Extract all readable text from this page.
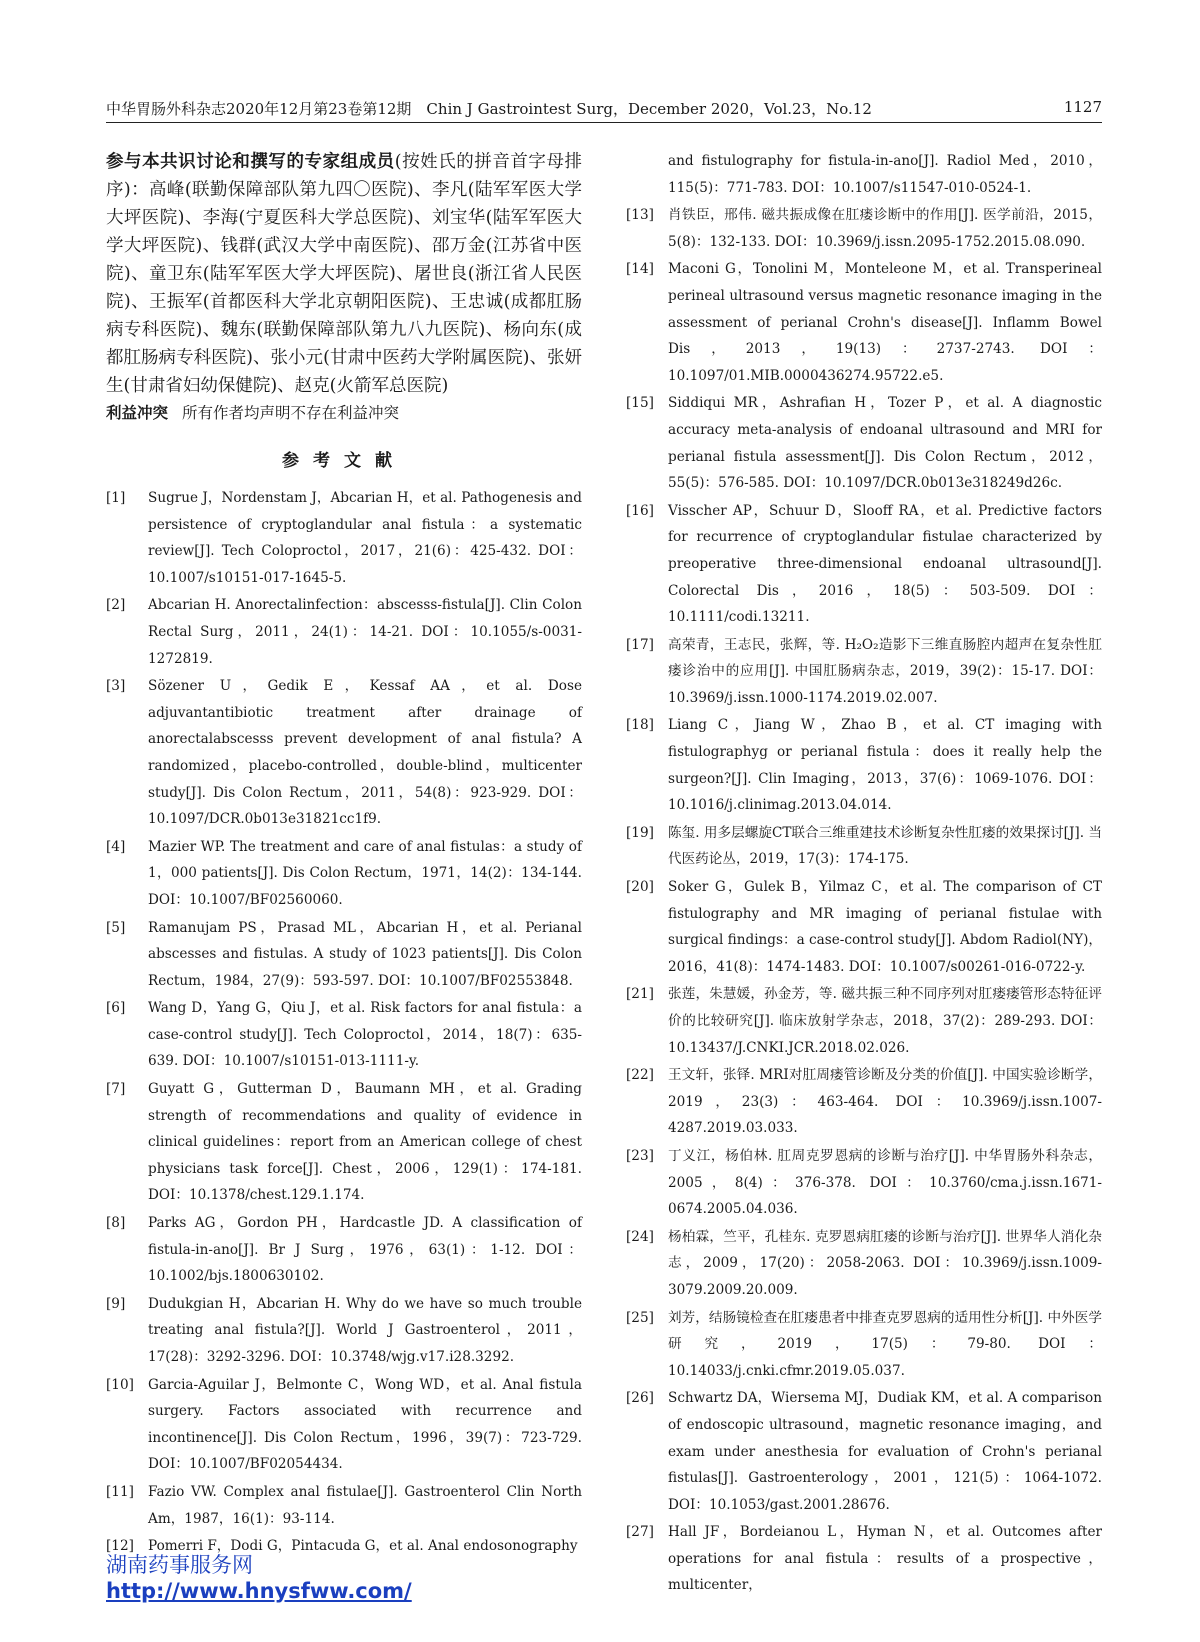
中华胃肠外科杂志2020年12月第23卷第12期　Chin J Gastrointest Surg，December 2020，Vol.23，No.12	1127

参与本共识讨论和撰写的专家组成员(按姓氏的拼音首字母排序)：高峰(联勤保障部队第九四〇医院)、李凡(陆军军医大学大坪医院)、李海(宁夏医科大学总医院)、刘宝华(陆军军医大学大坪医院)、钱群(武汉大学中南医院)、邵万金(江苏省中医院)、童卫东(陆军军医大学大坪医院)、屠世良(浙江省人民医院)、王振军(首都医科大学北京朝阳医院)、王忠诚(成都肛肠病专科医院)、魏东(联勤保障部队第九八九医院)、杨向东(成都肛肠病专科医院)、张小元(甘肃中医药大学附属医院)、张妍生(甘肃省妇幼保健院)、赵克(火箭军总医院)

利益冲突 所有作者均声明不存在利益冲突

参考文献

[1] Sugrue J，Nordenstam J，Abcarian H，et al. Pathogenesis and persistence of cryptoglandular anal fistula：a systematic review[J]. Tech Coloproctol，2017，21(6)：425-432. DOI：10.1007/s10151-017-1645-5.

[2] Abcarian H. Anorectalinfection：abscesss-fistula[J]. Clin Colon Rectal Surg，2011，24(1)：14-21. DOI：10.1055/s-0031-1272819.

[3] Sözener U，Gedik E，Kessaf AA，et al. Dose adjuvantantibiotic treatment after drainage of anorectalabscesss prevent development of anal fistula? A randomized，placebo-controlled，double-blind，multicenter study[J]. Dis Colon Rectum，2011，54(8)：923-929. DOI：10.1097/DCR.0b013e31821cc1f9.

[4] Mazier WP. The treatment and care of anal fistulas：a study of 1，000 patients[J]. Dis Colon Rectum，1971，14(2)：134-144. DOI：10.1007/BF02560060.

[5] Ramanujam PS，Prasad ML，Abcarian H，et al. Perianal abscesses and fistulas. A study of 1023 patients[J]. Dis Colon Rectum，1984，27(9)：593-597. DOI：10.1007/BF02553848.

[6] Wang D，Yang G，Qiu J，et al. Risk factors for anal fistula：a case-control study[J]. Tech Coloproctol，2014，18(7)：635-639. DOI：10.1007/s10151-013-1111-y.

[7] Guyatt G，Gutterman D，Baumann MH，et al. Grading strength of recommendations and quality of evidence in clinical guidelines：report from an American college of chest physicians task force[J]. Chest，2006，129(1)：174-181. DOI：10.1378/chest.129.1.174.

[8] Parks AG，Gordon PH，Hardcastle JD. A classification of fistula-in-ano[J]. Br J Surg，1976，63(1)：1-12. DOI：10.1002/bjs.1800630102.

[9] Dudukgian H，Abcarian H. Why do we have so much trouble treating anal fistula?[J]. World J Gastroenterol，2011，17(28)：3292-3296. DOI：10.3748/wjg.v17.i28.3292.

[10] Garcia-Aguilar J，Belmonte C，Wong WD，et al. Anal fistula surgery. Factors associated with recurrence and incontinence[J]. Dis Colon Rectum，1996，39(7)：723-729. DOI：10.1007/BF02054434.

[11] Fazio VW. Complex anal fistulae[J]. Gastroenterol Clin North Am，1987，16(1)：93-114.

[12] Pomerri F，Dodi G，Pintacuda G，et al. Anal endosonography

and fistulography for fistula-in-ano[J]. Radiol Med，2010，115(5)：771-783. DOI：10.1007/s11547-010-0524-1.

[13] 肖铁臣，邢伟. 磁共振成像在肛瘘诊断中的作用[J]. 医学前沿，2015，5(8)：132-133. DOI：10.3969/j.issn.2095-1752.2015.08.090.

[14] Maconi G，Tonolini M，Monteleone M，et al. Transperineal perineal ultrasound versus magnetic resonance imaging in the assessment of perianal Crohn's disease[J]. Inflamm Bowel Dis，2013，19(13)：2737-2743. DOI：10.1097/01.MIB.0000436274.95722.e5.

[15] Siddiqui MR，Ashrafian H，Tozer P，et al. A diagnostic accuracy meta-analysis of endoanal ultrasound and MRI for perianal fistula assessment[J]. Dis Colon Rectum，2012，55(5)：576-585. DOI：10.1097/DCR.0b013e318249d26c.

[16] Visscher AP，Schuur D，Slooff RA，et al. Predictive factors for recurrence of cryptoglandular fistulae characterized by preoperative three-dimensional endoanal ultrasound[J]. Colorectal Dis，2016，18(5)：503-509. DOI：10.1111/codi.13211.

[17] 高荣青，王志民，张辉，等. H₂O₂造影下三维直肠腔内超声在复杂性肛瘘诊治中的应用[J]. 中国肛肠病杂志，2019，39(2)：15-17. DOI：10.3969/j.issn.1000-1174.2019.02.007.

[18] Liang C，Jiang W，Zhao B，et al. CT imaging with fistulographyg or perianal fistula：does it really help the surgeon?[J]. Clin Imaging，2013，37(6)：1069-1076. DOI：10.1016/j.clinimag.2013.04.014.

[19] 陈玺. 用多层螺旋CT联合三维重建技术诊断复杂性肛瘘的效果探讨[J]. 当代医药论丛，2019，17(3)：174-175.

[20] Soker G，Gulek B，Yilmaz C，et al. The comparison of CT fistulography and MR imaging of perianal fistulae with surgical findings：a case-control study[J]. Abdom Radiol(NY)，2016，41(8)：1474-1483. DOI：10.1007/s00261-016-0722-y.

[21] 张莲，朱慧媛，孙金芳，等. 磁共振三种不同序列对肛瘘瘘管形态特征评价的比较研究[J]. 临床放射学杂志，2018，37(2)：289-293. DOI：10.13437/J.CNKI.JCR.2018.02.026.

[22] 王文轩，张铎. MRI对肛周瘘管诊断及分类的价值[J]. 中国实验诊断学，2019，23(3)：463-464. DOI：10.3969/j.issn.1007-4287.2019.03.033.

[23] 丁义江，杨伯林. 肛周克罗恩病的诊断与治疗[J]. 中华胃肠外科杂志，2005，8(4)：376-378. DOI：10.3760/cma.j.issn.1671-0674.2005.04.036.

[24] 杨柏霖，竺平，孔桂东. 克罗恩病肛瘘的诊断与治疗[J]. 世界华人消化杂志，2009，17(20)：2058-2063. DOI：10.3969/j.issn.1009-3079.2009.20.009.

[25] 刘芳，结肠镜检查在肛瘘患者中排查克罗恩病的适用性分析[J]. 中外医学研究，2019，17(5)：79-80. DOI：10.14033/j.cnki.cfmr.2019.05.037.

[26] Schwartz DA，Wiersema MJ，Dudiak KM，et al. A comparison of endoscopic ultrasound，magnetic resonance imaging，and exam under anesthesia for evaluation of Crohn's perianal fistulas[J]. Gastroenterology，2001，121(5)：1064-1072. DOI：10.1053/gast.2001.28676.

[27] Hall JF，Bordeianou L，Hyman N，et al. Outcomes after operations for anal fistula：results of a prospective，multicenter，

湖南药事服务网
http://www.hnysfww.com/
